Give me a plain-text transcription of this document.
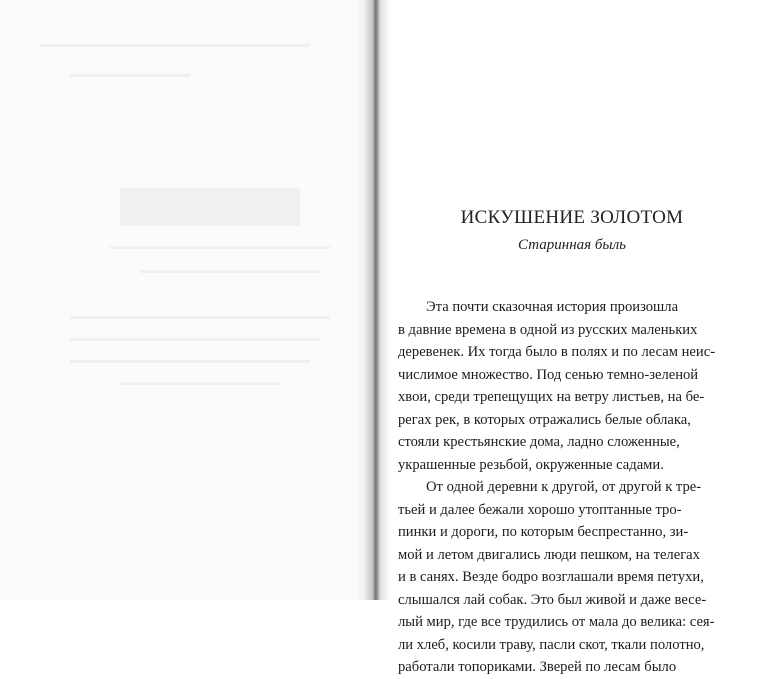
ИСКУШЕНИЕ ЗОЛОТОМ
Старинная быль
Эта почти сказочная история произошла
в давние времена в одной из русских маленьких
деревенек. Их тогда было в полях и по лесам неис-
числимое множество. Под сенью темно-зеленой
хвои, среди трепещущих на ветру листьев, на бе-
регах рек, в которых отражались белые облака,
стояли крестьянские дома, ладно сложенные,
украшенные резьбой, окруженные садами.
От одной деревни к другой, от другой к тре-
тьей и далее бежали хорошо утоптанные тро-
пинки и дороги, по которым беспрестанно, зи-
мой и летом двигались люди пешком, на телегах
и в санях. Везде бодро возглашали время петухи,
слышался лай собак. Это был живой и даже весе-
лый мир, где все трудились от мала до велика: сея-
ли хлеб, косили траву, пасли скот, ткали полотно,
работали топориками. Зверей по лесам было
